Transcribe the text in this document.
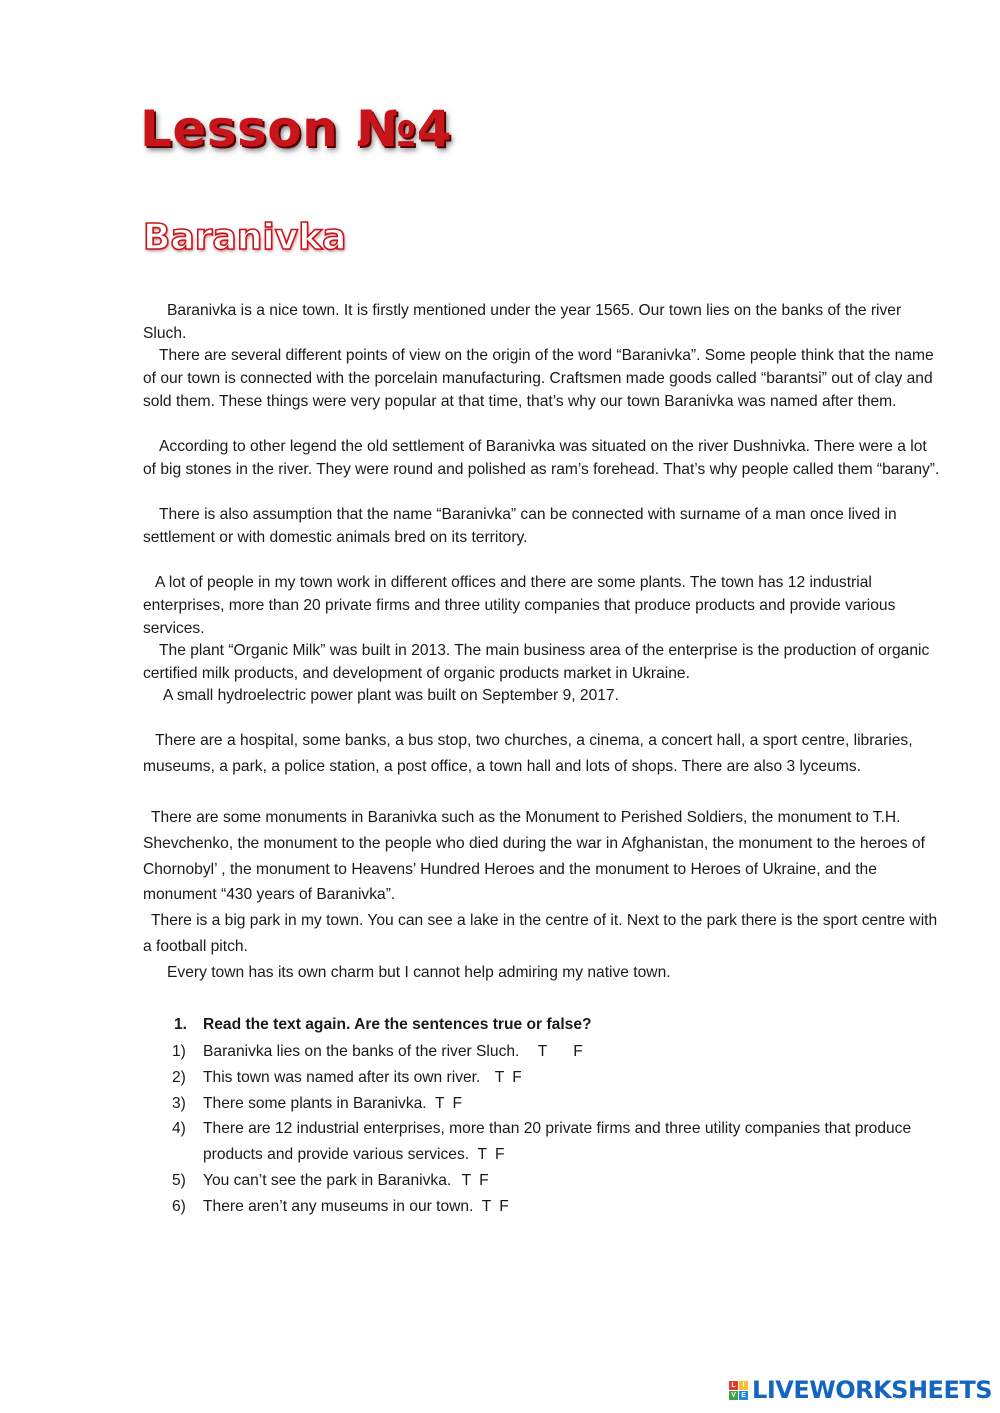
Lesson №4
Baranivka

Baranivka is a nice town. It is firstly mentioned under the year 1565. Our town lies on the banks of the river Sluch.

There are several different points of view on the origin of the word “Baranivka”. Some people think that the name of our town is connected with the porcelain manufacturing. Craftsmen made goods called “barantsi” out of clay and sold them. These things were very popular at that time, that’s why our town Baranivka was named after them.

According to other legend the old settlement of Baranivka was situated on the river Dushnivka. There were a lot of big stones in the river. They were round and polished as ram’s forehead. That’s why people called them “barany”.

There is also assumption that the name “Baranivka” can be connected with surname of a man once lived in settlement or with domestic animals bred on its territory.

A lot of people in my town work in different offices and there are some plants. The town has 12 industrial enterprises, more than 20 private firms and three utility companies that produce products and provide various services.

The plant “Organic Milk” was built in 2013. The main business area of the enterprise is the production of organic certified milk products, and development of organic products market in Ukraine.

A small hydroelectric power plant was built on September 9, 2017.

There are a hospital, some banks, a bus stop, two churches, a cinema, a concert hall, a sport centre, libraries, museums, a park, a police station, a post office, a town hall and lots of shops. There are also 3 lyceums.

There are some monuments in Baranivka such as the Monument to Perished Soldiers, the monument to T.H. Shevchenko, the monument to the people who died during the war in Afghanistan, the monument to the heroes of Chornobyl’ , the monument to Heavens’ Hundred Heroes and the monument to Heroes of Ukraine, and the monument “430 years of Baranivka”.

There is a big park in my town. You can see a lake in the centre of it. Next to the park there is the sport centre with a football pitch.

Every town has its own charm but I cannot help admiring my native town.

1. Read the text again. Are the sentences true or false?
1) Baranivka lies on the banks of the river Sluch. T F
2) This town was named after its own river. T F
3) There some plants in Baranivka. T F
4) There are 12 industrial enterprises, more than 20 private firms and three utility companies that produce products and provide various services. T F
5) You can’t see the park in Baranivka. T F
6) There aren’t any museums in our town. T F
L I
V E LIVEWORKSHEETS
